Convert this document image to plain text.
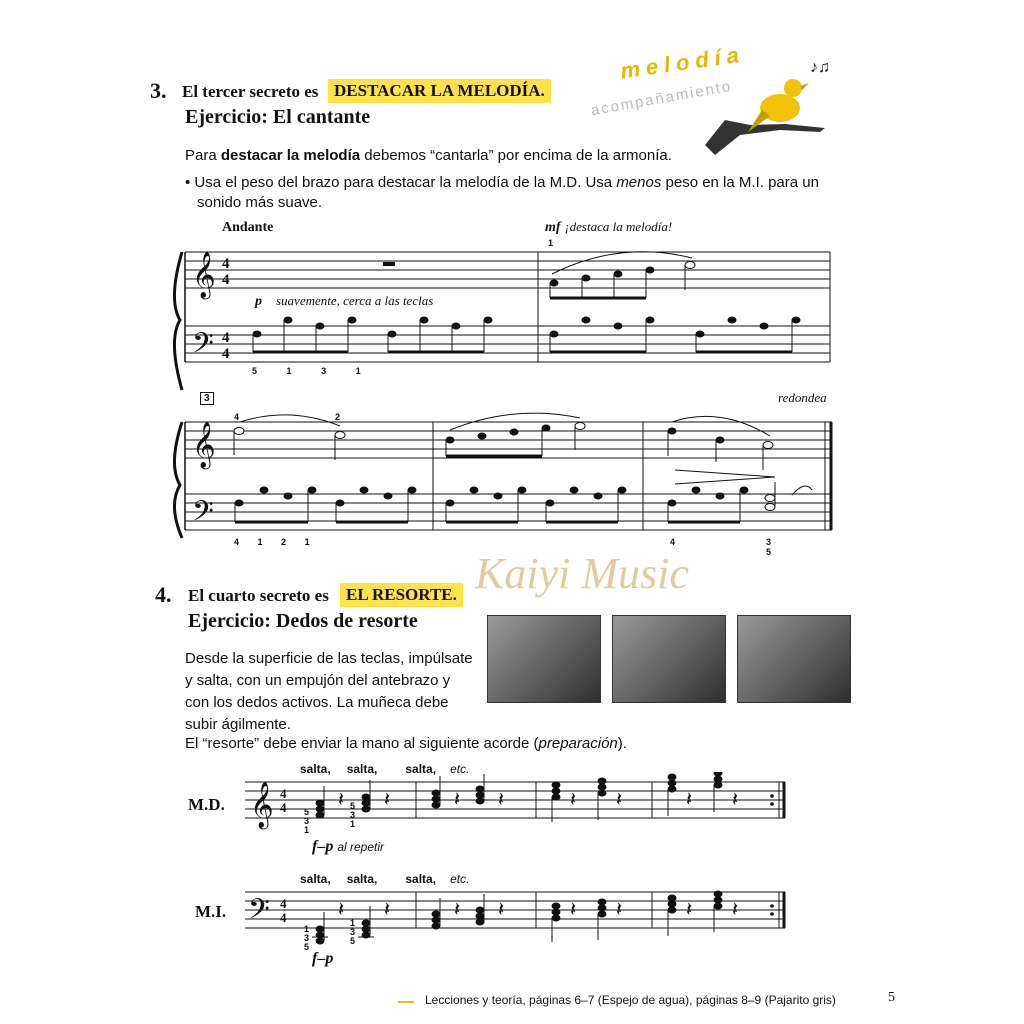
3. El tercer secreto es DESTACAR LA MELODÍA.
Ejercicio: El cantante
melodía
acompañamiento
♪♫
Para destacar la melodía debemos “cantarla” por encima de la armonía.
• Usa el peso del brazo para destacar la melodía de la M.D. Usa menos peso en la M.I. para un
sonido más suave.
Andante	mf ¡destaca la melodía!
1
𝄞
𝄢
4
4
4
4
p suavemente, cerca a las teclas
5	1	3	1
3	redondea
4	2
𝄞
𝄢
4 1 2 1	4	3
5
Kaiyi Music
4. El cuarto secreto es	EL RESORTE.
Ejercicio: Dedos de resorte
Desde la superficie de las teclas, impúlsate
y salta, con un empujón del antebrazo y
con los dedos activos. La muñeca debe
subir ágilmente.
El “resorte” debe enviar la mano al siguiente acorde (preparación).
salta, salta, salta, etc.
M.D. 𝄞 4
4	𝄽 𝄽	𝄽 𝄽	𝄽 𝄽	𝄽 𝄽
5
3
1
5
3
1
f–p al repetir
salta, salta, salta, etc.
M.I. 𝄢 4
4	𝄽 𝄽	𝄽 𝄽	𝄽 𝄽	𝄽 𝄽
1
3
5
1
3
5
f–p
Lecciones y teoría, páginas 6–7 (Espejo de agua), páginas 8–9 (Pajarito gris)	5
